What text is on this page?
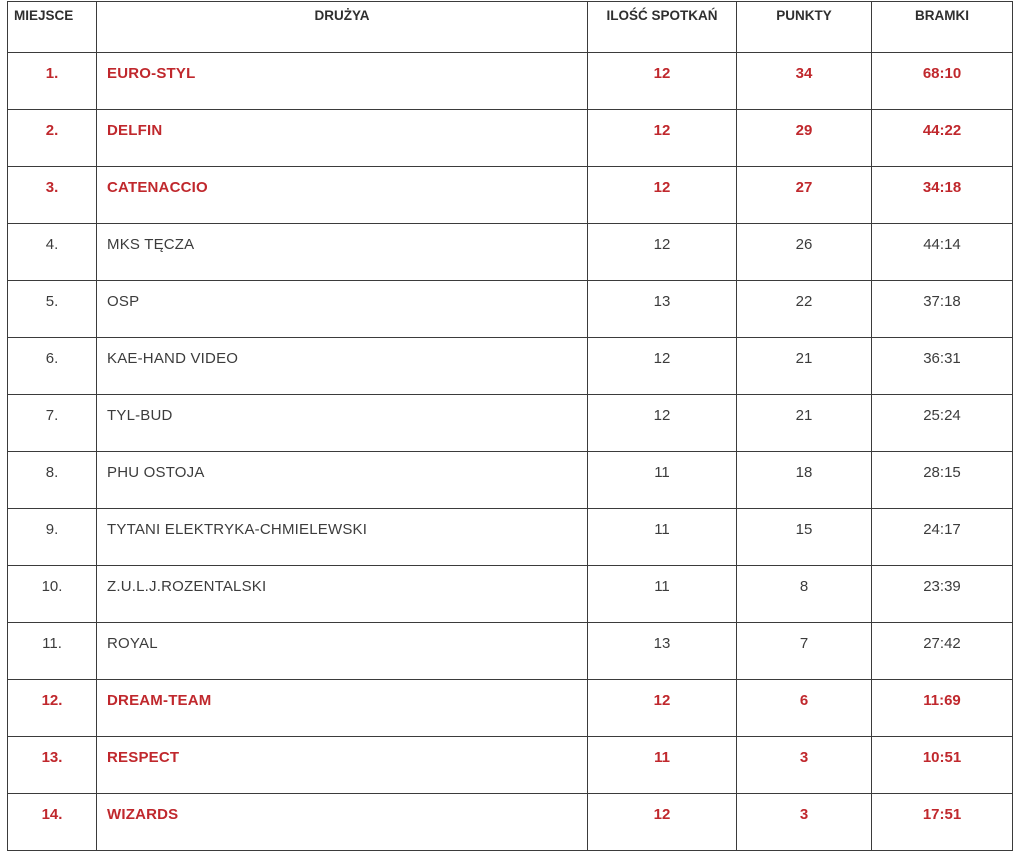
MIEJSCE	DRUŻYA	ILOŚĆ SPOTKAŃ	PUNKTY	BRAMKI
1.	EURO-STYL	12	34	68:10
2.	DELFIN	12	29	44:22
3.	CATENACCIO	12	27	34:18
4.	MKS TĘCZA	12	26	44:14
5.	OSP	13	22	37:18
6.	KAE-HAND VIDEO	12	21	36:31
7.	TYL-BUD	12	21	25:24
8.	PHU OSTOJA	11	18	28:15
9.	TYTANI ELEKTRYKA-CHMIELEWSKI	11	15	24:17
10.	Z.U.L.J.ROZENTALSKI	11	8	23:39
11.	ROYAL	13	7	27:42
12.	DREAM-TEAM	12	6	11:69
13.	RESPECT	11	3	10:51
14.	WIZARDS	12	3	17:51
